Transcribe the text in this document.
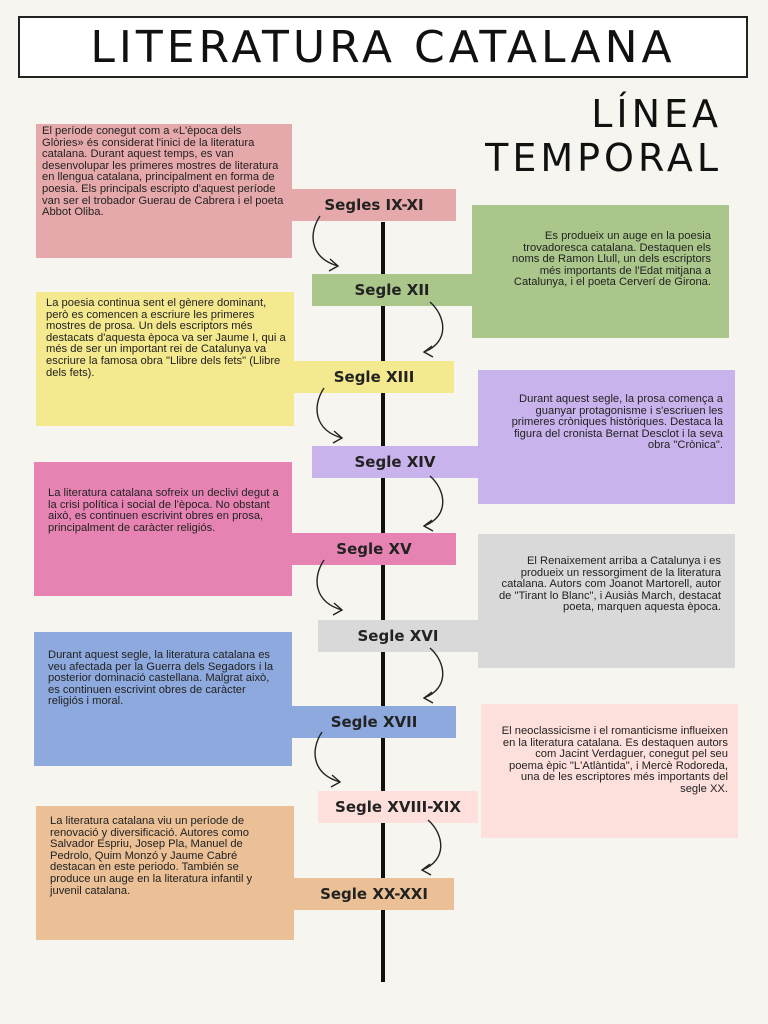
LITERATURA CATALANA
LÍNEA
TEMPORAL
El període conegut com a «L'època dels Glòries» és considerat l'inici de la literatura catalana. Durant aquest temps, es van desenvolupar les primeres mostres de literatura en llengua catalana, principalment en forma de poesia. Els principals escripto d'aquest període van ser el trobador Guerau de Cabrera i el poeta Abbot Oliba.	Segles IX-XI
Segle XII
Es produeix un auge en la poesia trovadoresca catalana. Destaquen els noms de Ramon Llull, un dels escriptors més importants de l'Edat mitjana a Catalunya, i el poeta Cerverí de Girona.
La poesia continua sent el gènere dominant, però es comencen a escriure les primeres mostres de prosa. Un dels escriptors més destacats d'aquesta època va ser Jaume I, qui a més de ser un important rei de Catalunya va escriure la famosa obra "Llibre dels fets" (Llibre dels fets).	Segle XIII
Segle XIV
Durant aquest segle, la prosa comença a guanyar protagonisme i s'escriuen les primeres cròniques històriques. Destaca la figura del cronista Bernat Desclot i la seva obra "Crònica".
La literatura catalana sofreix un declivi degut a la crisi política i social de l'època. No obstant això, es continuen escrivint obres en prosa, principalment de caràcter religiós.
Segle XV
Segle XVI
El Renaixement arriba a Catalunya i es produeix un ressorgiment de la literatura catalana. Autors com Joanot Martorell, autor de "Tirant lo Blanc", i Ausiàs March, destacat poeta, marquen aquesta època.
Durant aquest segle, la literatura catalana es veu afectada per la Guerra dels Segadors i la posterior dominació castellana. Malgrat això, es continuen escrivint obres de caràcter religiós i moral.
Segle XVII
Segle XVIII-XIX
El neoclassicisme i el romanticisme influeixen en la literatura catalana. Es destaquen autors com Jacint Verdaguer, conegut pel seu poema èpic "L'Atlàntida", i Mercè Rodoreda, una de les escriptores més importants del segle XX.
La literatura catalana viu un període de renovació y diversificació. Autores como Salvador Espriu, Josep Pla, Manuel de Pedrolo, Quim Monzó y Jaume Cabré destacan en este periodo. También se produce un auge en la literatura infantil y juvenil catalana.	Segle XX-XXI
